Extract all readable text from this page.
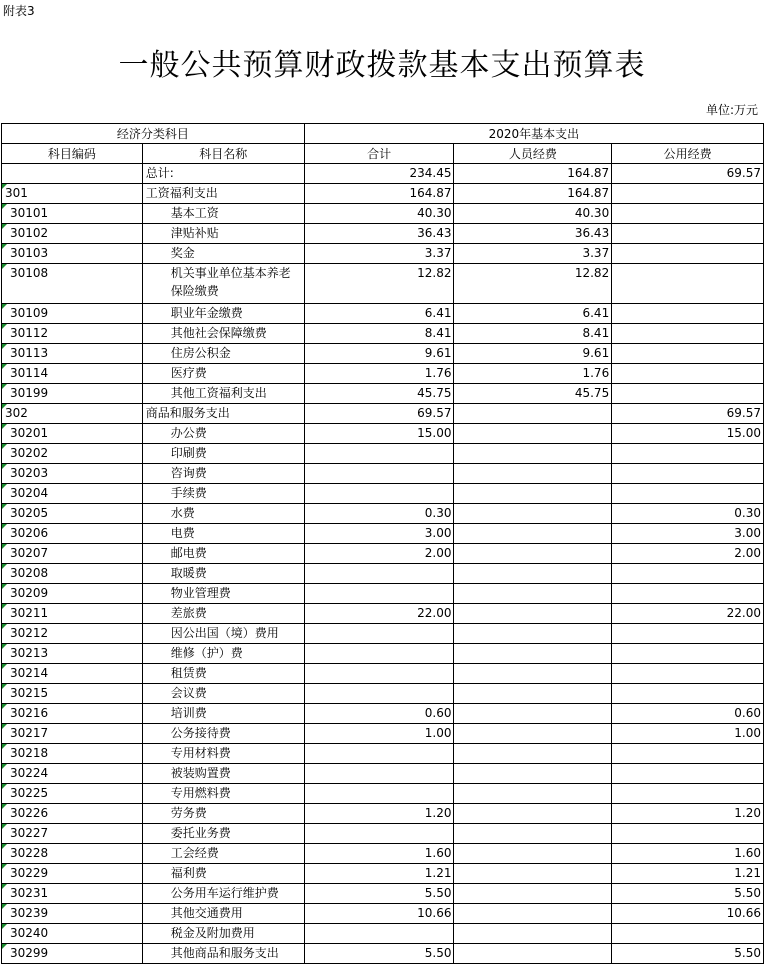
附表3
一般公共预算财政拨款基本支出预算表
单位:万元
经济分类科目		2020年基本支出		
科目编码	科目名称	合计	人员经费	公用经费
	总计:	234.45	164.87	69.57
301	工资福利支出	164.87	164.87	
30101	基本工资	40.30	40.30	
30102	津贴补贴	36.43	36.43	
30103	奖金	3.37	3.37	
30108	机关事业单位基本养老保险缴费	12.82	12.82	
30109	职业年金缴费	6.41	6.41	
30112	其他社会保障缴费	8.41	8.41	
30113	住房公积金	9.61	9.61	
30114	医疗费	1.76	1.76	
30199	其他工资福利支出	45.75	45.75	
302	商品和服务支出	69.57		69.57
30201	办公费	15.00		15.00
30202	印刷费			
30203	咨询费			
30204	手续费			
30205	水费	0.30		0.30
30206	电费	3.00		3.00
30207	邮电费	2.00		2.00
30208	取暖费			
30209	物业管理费			
30211	差旅费	22.00		22.00
30212	因公出国（境）费用			
30213	维修（护）费			
30214	租赁费			
30215	会议费			
30216	培训费	0.60		0.60
30217	公务接待费	1.00		1.00
30218	专用材料费			
30224	被装购置费			
30225	专用燃料费			
30226	劳务费	1.20		1.20
30227	委托业务费			
30228	工会经费	1.60		1.60
30229	福利费	1.21		1.21
30231	公务用车运行维护费	5.50		5.50
30239	其他交通费用	10.66		10.66
30240	税金及附加费用			
30299	其他商品和服务支出	5.50		5.50
